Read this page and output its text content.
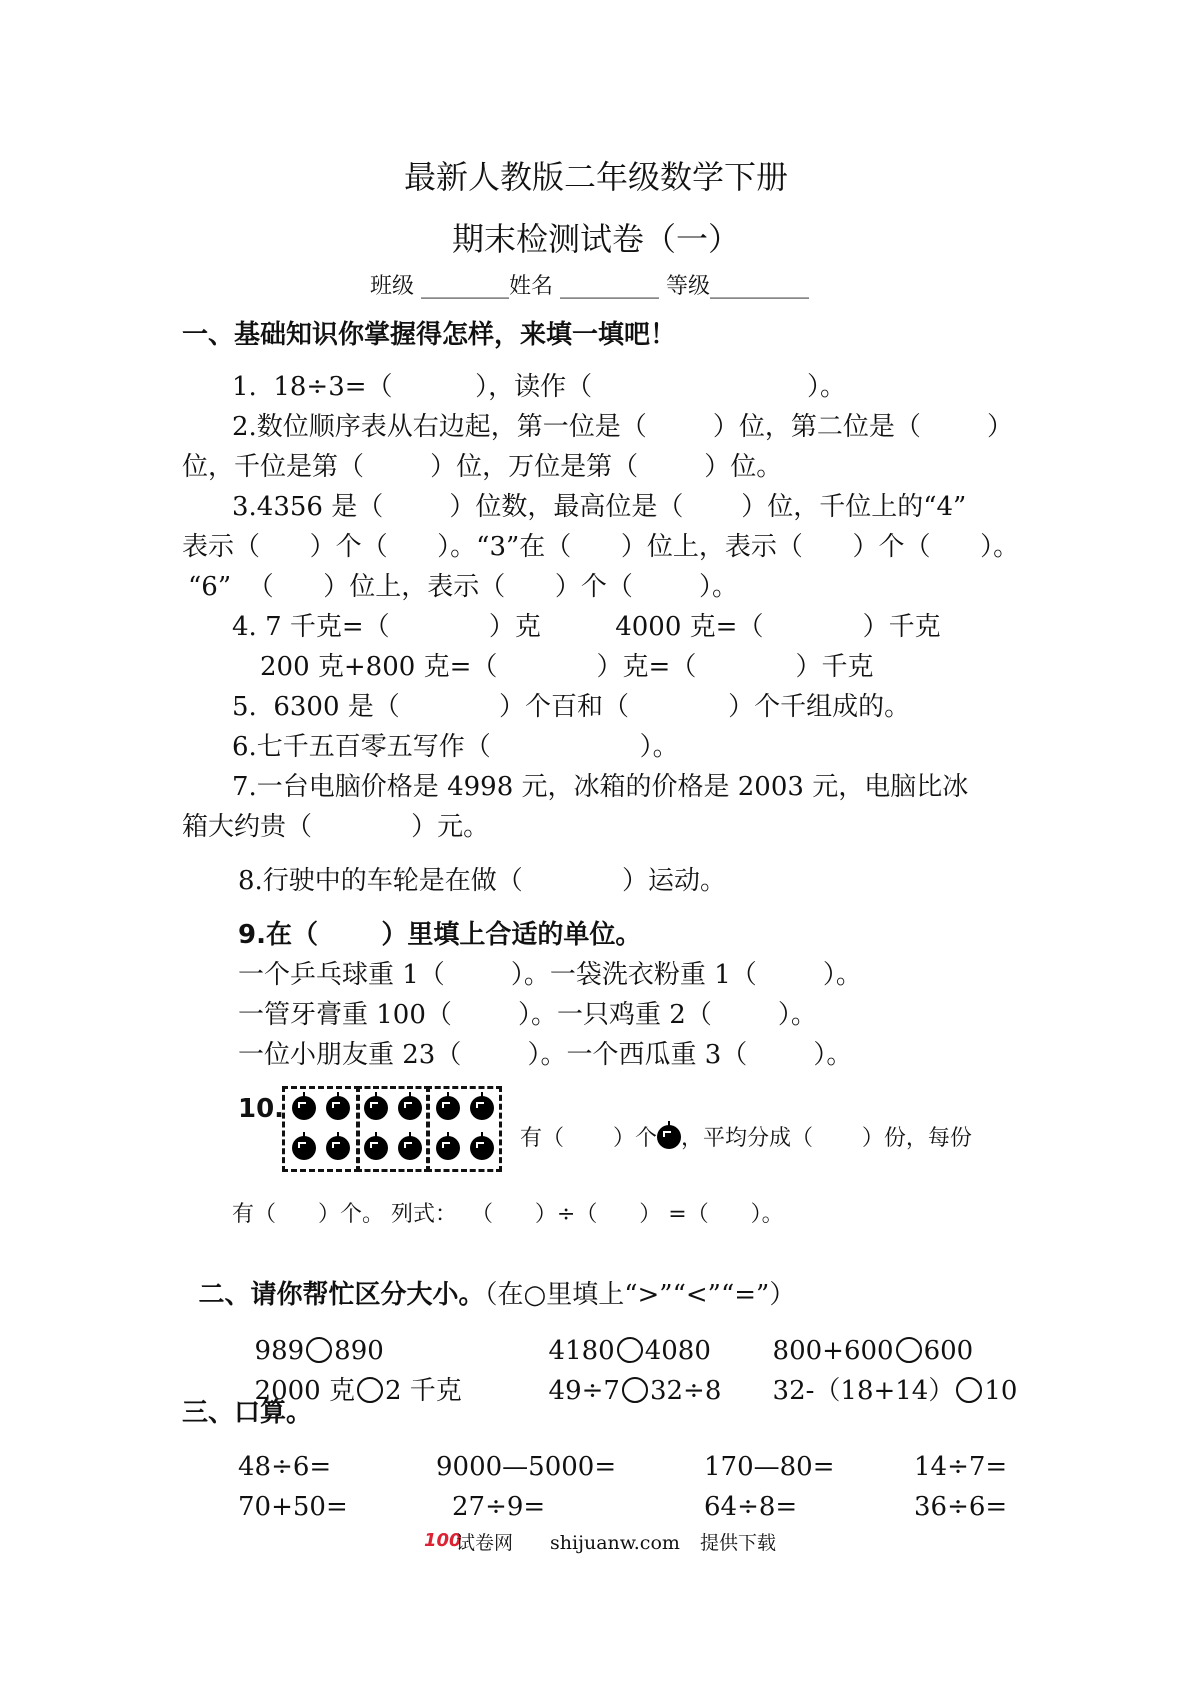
最新人教版二年级数学下册
期末检测试卷（一）
班级 ________姓名 _________ 等级_________
一、基础知识你掌握得怎样，来填一填吧！
1.  18÷3=（          ），读作（                          ）。
2.数位顺序表从右边起，第一位是（        ）位，第二位是（        ）
位，千位是第（        ）位，万位是第（        ）位。
3.4356 是（        ）位数，最高位是（       ）位，千位上的“4”
表示（      ）个（      ）。“3”在（      ）位上，表示（      ）个（      ）。
“6”  （      ）位上，表示（      ）个（        ）。
4. 7 千克=（            ）克         4000 克=（            ）千克
200 克+800 克=（            ）克=（            ）千克
5.  6300 是（            ）个百和（            ）个千组成的。
6.七千五百零五写作（                  ）。
7.一台电脑价格是 4998 元，冰箱的价格是 2003 元，电脑比冰
箱大约贵（            ）元。
8.行驶中的车轮是在做（            ）运动。
9.在（       ）里填上合适的单位。
一个乒乓球重 1（        ）。一袋洗衣粉重 1（        ）。
一管牙膏重 100（        ）。一只鸡重 2（        ）。
一位小朋友重 23（        ）。一个西瓜重 3（        ）。
10.

有（       ）个 ，平均分成（       ）份，每份

有（      ）个。 列式：  （      ）÷（      ） =（      ）。

二、请你帮忙区分大小。（在○里填上“>”“<”“=”）

989 890	4180 4080	800+600 600

2000 克 2 千克	49÷7 32÷8	32-（18+14） 10

三、口算。
48÷6=	9000—5000=	170—80=	14÷7=
70+50=	27÷9=	64÷8=	36÷6=
100
试卷网 shijuanw.com 提供下载
